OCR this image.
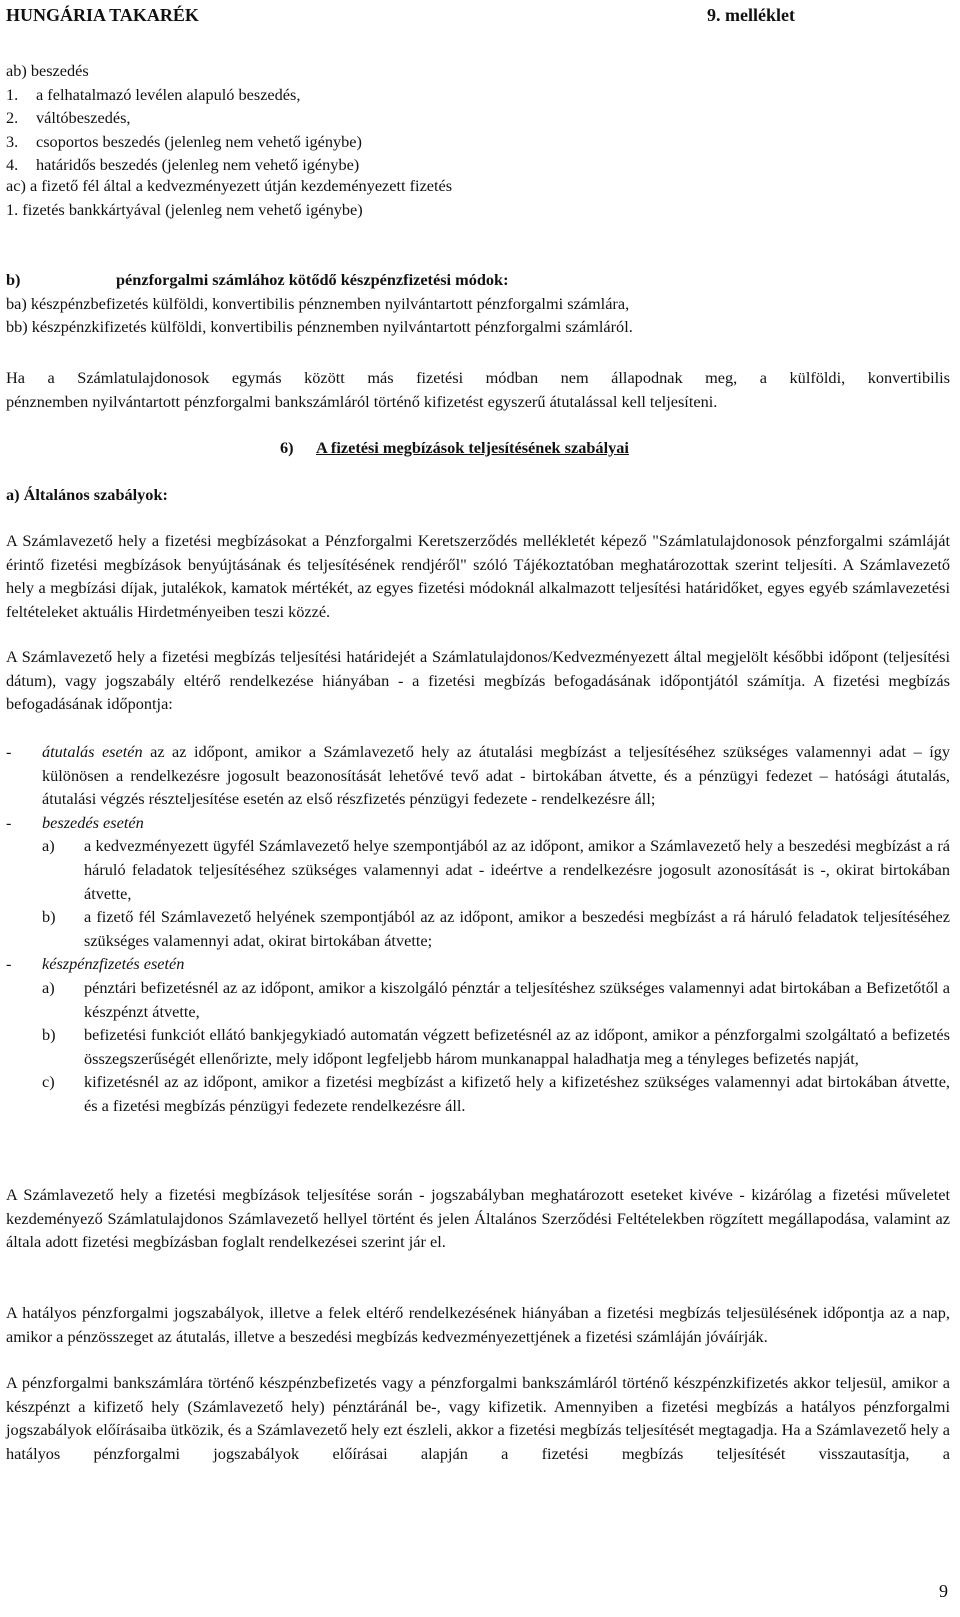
HUNGÁRIA TAKARÉK	9. melléklet

ab) beszedés

1. a felhatalmazó levélen alapuló beszedés,

2. váltóbeszedés,

3. csoportos beszedés (jelenleg nem vehető igénybe)

4. határidős beszedés (jelenleg nem vehető igénybe)

ac) a fizető fél által a kedvezményezett útján kezdeményezett fizetés

1. fizetés bankkártyával (jelenleg nem vehető igénybe)

b)	pénzforgalmi számlához kötődő készpénzfizetési módok:

ba) készpénzbefizetés külföldi, konvertibilis pénznemben nyilvántartott pénzforgalmi számlára,

bb) készpénzkifizetés külföldi, konvertibilis pénznemben nyilvántartott pénzforgalmi számláról.

Ha a Számlatulajdonosok egymás között más fizetési módban nem állapodnak meg, a külföldi, konvertibilis

pénznemben nyilvántartott pénzforgalmi bankszámláról történő kifizetést egyszerű átutalással kell teljesíteni.

6) A fizetési megbízások teljesítésének szabályai

a) Általános szabályok:

A Számlavezető hely a fizetési megbízásokat a Pénzforgalmi Keretszerződés mellékletét képező "Számlatulajdonosok pénzforgalmi számláját érintő fizetési megbízások benyújtásának és teljesítésének rendjéről" szóló Tájékoztatóban meghatározottak szerint teljesíti. A Számlavezető hely a megbízási díjak, jutalékok, kamatok mértékét, az egyes fizetési módoknál alkalmazott teljesítési határidőket, egyes egyéb számlavezetési feltételeket aktuális Hirdetményeiben teszi közzé.

A Számlavezető hely a fizetési megbízás teljesítési határidejét a Számlatulajdonos/Kedvezményezett által megjelölt későbbi időpont (teljesítési dátum), vagy jogszabály eltérő rendelkezése hiányában - a fizetési megbízás befogadásának időpontjától számítja. A fizetési megbízás befogadásának időpontja:

-	átutalás esetén az az időpont, amikor a Számlavezető hely az átutalási megbízást a teljesítéséhez szükséges valamennyi adat – így különösen a rendelkezésre jogosult beazonosítását lehetővé tevő adat - birtokában átvette, és a pénzügyi fedezet – hatósági átutalás, átutalási végzés részteljesítése esetén az első részfizetés pénzügyi fedezete - rendelkezésre áll;
-	beszedés esetén
a)	a kedvezményezett ügyfél Számlavezető helye szempontjából az az időpont, amikor a Számlavezető hely a beszedési megbízást a rá háruló feladatok teljesítéséhez szükséges valamennyi adat - ideértve a rendelkezésre jogosult azonosítását is -, okirat birtokában átvette,
b)	a fizető fél Számlavezető helyének szempontjából az az időpont, amikor a beszedési megbízást a rá háruló feladatok teljesítéséhez szükséges valamennyi adat, okirat birtokában átvette;
-	készpénzfizetés esetén
a)	pénztári befizetésnél az az időpont, amikor a kiszolgáló pénztár a teljesítéshez szükséges valamennyi adat birtokában a Befizetőtől a készpénzt átvette,
b)	befizetési funkciót ellátó bankjegykiadó automatán végzett befizetésnél az az időpont, amikor a pénzforgalmi szolgáltató a befizetés összegszerűségét ellenőrizte, mely időpont legfeljebb három munkanappal haladhatja meg a tényleges befizetés napját,
c)	kifizetésnél az az időpont, amikor a fizetési megbízást a kifizető hely a kifizetéshez szükséges valamennyi adat birtokában átvette, és a fizetési megbízás pénzügyi fedezete rendelkezésre áll.

A Számlavezető hely a fizetési megbízások teljesítése során - jogszabályban meghatározott eseteket kivéve - kizárólag a fizetési műveletet kezdeményező Számlatulajdonos Számlavezető hellyel történt és jelen Általános Szerződési Feltételekben rögzített megállapodása, valamint az általa adott fizetési megbízásban foglalt rendelkezései szerint jár el.

A hatályos pénzforgalmi jogszabályok, illetve a felek eltérő rendelkezésének hiányában a fizetési megbízás teljesülésének időpontja az a nap, amikor a pénzösszeget az átutalás, illetve a beszedési megbízás kedvezményezettjének a fizetési számláján jóváírják.

A pénzforgalmi bankszámlára történő készpénzbefizetés vagy a pénzforgalmi bankszámláról történő készpénzkifizetés akkor teljesül, amikor a készpénzt a kifizető hely (Számlavezető hely) pénztáránál be-, vagy kifizetik. Amennyiben a fizetési megbízás a hatályos pénzforgalmi jogszabályok előírásaiba ütközik, és a Számlavezető hely ezt észleli, akkor a fizetési megbízás teljesítését megtagadja. Ha a Számlavezető hely a hatályos pénzforgalmi jogszabályok előírásai alapján a fizetési megbízás teljesítését visszautasítja, a

9
